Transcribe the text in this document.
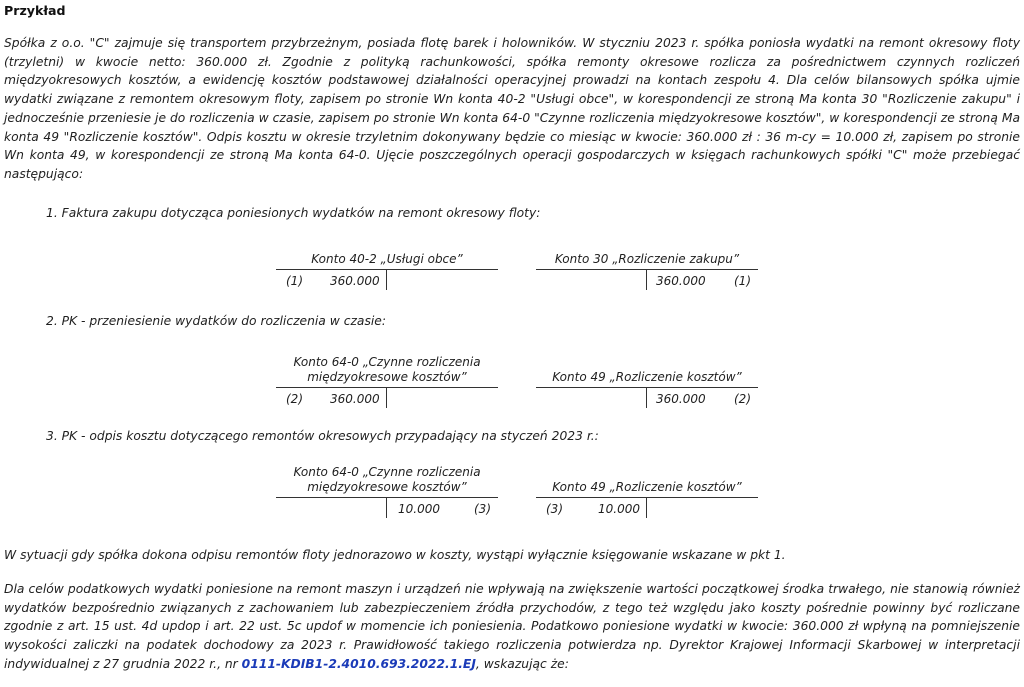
Przykład
Spółka z o.o. "C" zajmuje się transportem przybrzeżnym, posiada flotę barek i holowników. W styczniu 2023 r. spółka poniosła wydatki na remont okresowy floty (trzyletni) w kwocie netto: 360.000 zł. Zgodnie z polityką rachunkowości, spółka remonty okresowe rozlicza za pośrednictwem czynnych rozliczeń międzyokresowych kosztów, a ewidencję kosztów podstawowej działalności operacyjnej prowadzi na kontach zespołu 4. Dla celów bilansowych spółka ujmie wydatki związane z remontem okresowym floty, zapisem po stronie Wn konta 40-2 "Usługi obce", w korespondencji ze stroną Ma konta 30 "Rozliczenie zakupu" i jednocześnie przeniesie je do rozliczenia w czasie, zapisem po stronie Wn konta 64-0 "Czynne rozliczenia międzyokresowe kosztów", w korespondencji ze stroną Ma konta 49 "Rozliczenie kosztów". Odpis kosztu w okresie trzyletnim dokonywany będzie co miesiąc w kwocie: 360.000 zł : 36 m-cy = 10.000 zł, zapisem po stronie Wn konta 49, w korespondencji ze stroną Ma konta 64-0. Ujęcie poszczególnych operacji gospodarczych w księgach rachunkowych spółki "C" może przebiegać następująco:
1. Faktura zakupu dotycząca poniesionych wydatków na remont okresowy floty:
Konto 40-2 „Usługi obce”
(1) 360.000
Konto 30 „Rozliczenie zakupu”
360.000 (1)
2. PK - przeniesienie wydatków do rozliczenia w czasie:
Konto 64-0 „Czynne rozliczenia
międzyokresowe kosztów”
(2) 360.000
Konto 49 „Rozliczenie kosztów”
360.000 (2)
3. PK - odpis kosztu dotyczącego remontów okresowych przypadający na styczeń 2023 r.:
Konto 64-0 „Czynne rozliczenia
międzyokresowe kosztów”
10.000	(3)
Konto 49 „Rozliczenie kosztów”
(3)	10.000
W sytuacji gdy spółka dokona odpisu remontów floty jednorazowo w koszty, wystąpi wyłącznie księgowanie wskazane w pkt 1.
Dla celów podatkowych wydatki poniesione na remont maszyn i urządzeń nie wpływają na zwiększenie wartości początkowej środka trwałego, nie stanowią również wydatków bezpośrednio związanych z zachowaniem lub zabezpieczeniem źródła przychodów, z tego też względu jako koszty pośrednie powinny być rozliczane zgodnie z art. 15 ust. 4d updop i art. 22 ust. 5c updof w momencie ich poniesienia. Podatkowo poniesione wydatki w kwocie: 360.000 zł wpłyną na pomniejszenie wysokości zaliczki na podatek dochodowy za 2023 r. Prawidłowość takiego rozliczenia potwierdza np. Dyrektor Krajowej Informacji Skarbowej w interpretacji indywidualnej z 27 grudnia 2022 r., nr 0111-KDIB1-2.4010.693.2022.1.EJ, wskazując że:
